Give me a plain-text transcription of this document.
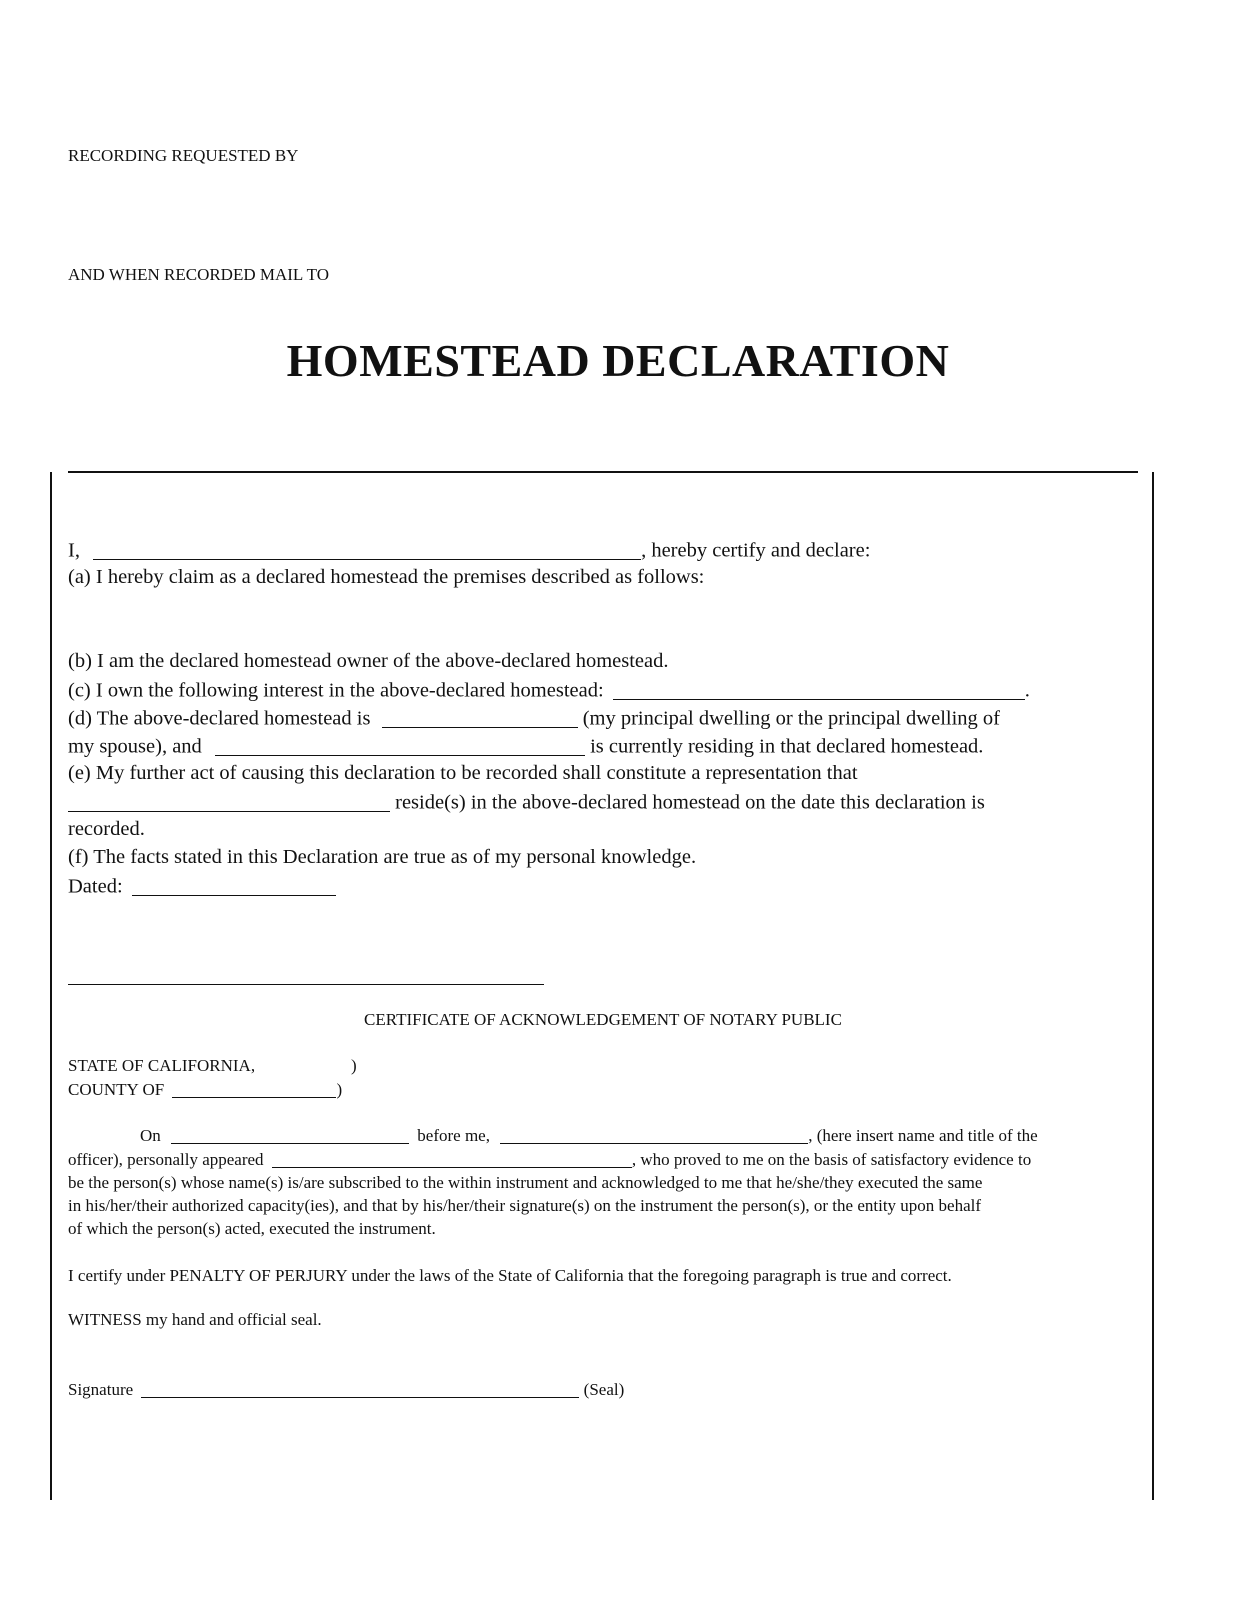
RECORDING REQUESTED BY
AND WHEN RECORDED MAIL TO
HOMESTEAD DECLARATION
I,	, hereby certify and declare:
(a) I hereby claim as a declared homestead the premises described as follows:
(b) I am the declared homestead owner of the above-declared homestead.
(c) I own the following interest in the above-declared homestead:	.
(d) The above-declared homestead is	(my principal dwelling or the principal dwelling of
my spouse), and	is currently residing in that declared homestead.
(e) My further act of causing this declaration to be recorded shall constitute a representation that
reside(s) in the above-declared homestead on the date this declaration is
recorded.
(f) The facts stated in this Declaration are true as of my personal knowledge.
Dated:
CERTIFICATE OF ACKNOWLEDGEMENT OF NOTARY PUBLIC
STATE OF CALIFORNIA,	)
COUNTY OF	)
On	before me,	, (here insert name and title of the
officer), personally appeared	, who proved to me on the basis of satisfactory evidence to
be the person(s) whose name(s) is/are subscribed to the within instrument and acknowledged to me that he/she/they executed the same
in his/her/their authorized capacity(ies), and that by his/her/their signature(s) on the instrument the person(s), or the entity upon behalf
of which the person(s) acted, executed the instrument.
I certify under PENALTY OF PERJURY under the laws of the State of California that the foregoing paragraph is true and correct.
WITNESS my hand and official seal.
Signature	(Seal)
